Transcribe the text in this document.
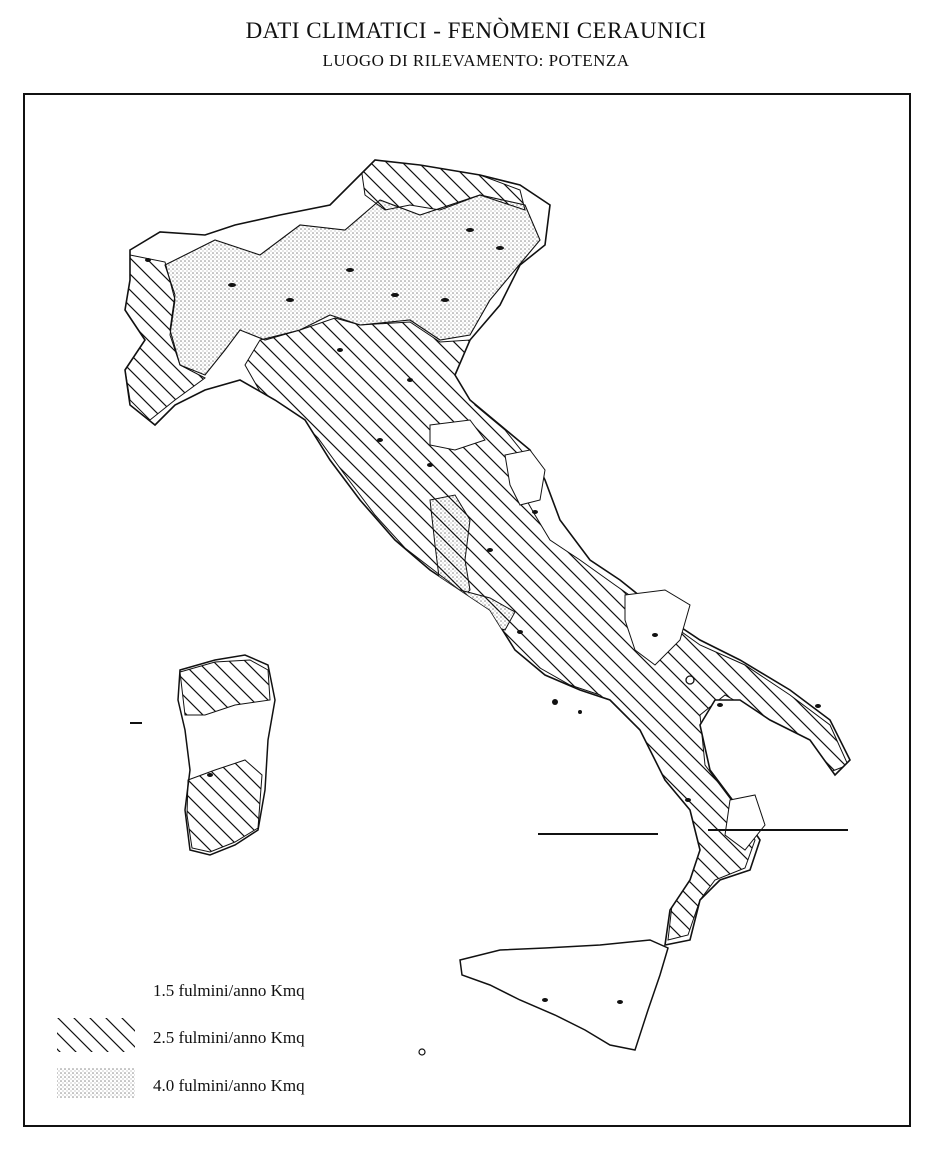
DATI CLIMATICI - FENÒMENI CERAUNICI
LUOGO DI RILEVAMENTO: POTENZA
1.5 fulmini/anno Kmq
2.5 fulmini/anno Kmq
4.0 fulmini/anno Kmq
